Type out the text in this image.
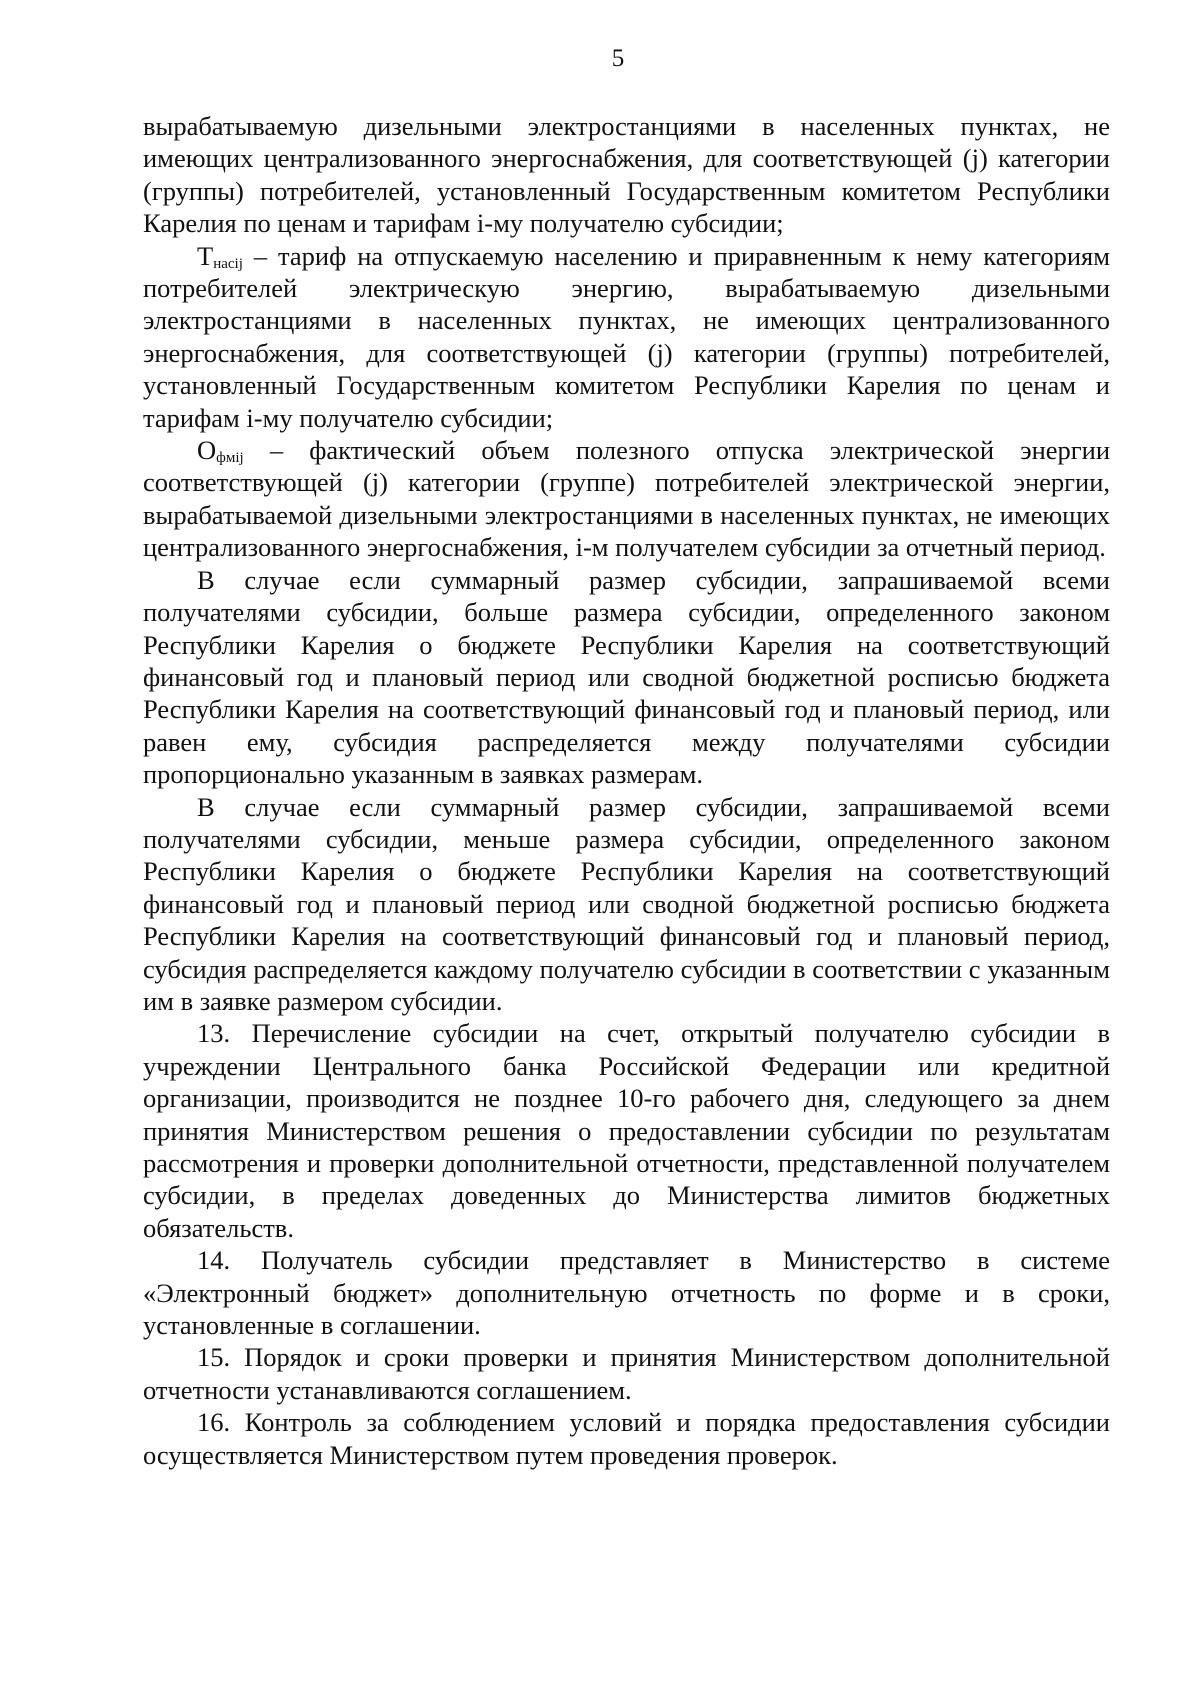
5

вырабатываемую дизельными электростанциями в населенных пунктах, не имеющих централизованного энергоснабжения, для соответствующей (j) категории (группы) потребителей, установленный Государственным комитетом Республики Карелия по ценам и тарифам i-му получателю субсидии;

$T_{насij}$ – тариф на отпускаемую населению и приравненным к нему категориям потребителей электрическую энергию, вырабатываемую дизельными электростанциями в населенных пунктах, не имеющих централизованного энергоснабжения, для соответствующей (j) категории (группы) потребителей, установленный Государственным комитетом Республики Карелия по ценам и тарифам i-му получателю субсидии;

$О_{фмij}$ – фактический объем полезного отпуска электрической энергии соответствующей (j) категории (группе) потребителей электрической энергии, вырабатываемой дизельными электростанциями в населенных пунктах, не имеющих централизованного энергоснабжения, i-м получателем субсидии за отчетный период.

В случае если суммарный размер субсидии, запрашиваемой всеми получателями субсидии, больше размера субсидии, определенного законом Республики Карелия о бюджете Республики Карелия на соответствующий финансовый год и плановый период или сводной бюджетной росписью бюджета Республики Карелия на соответствующий финансовый год и плановый период, или равен ему, субсидия распределяется между получателями субсидии пропорционально указанным в заявках размерам.

В случае если суммарный размер субсидии, запрашиваемой всеми получателями субсидии, меньше размера субсидии, определенного законом Республики Карелия о бюджете Республики Карелия на соответствующий финансовый год и плановый период или сводной бюджетной росписью бюджета Республики Карелия на соответствующий финансовый год и плановый период, субсидия распределяется каждому получателю субсидии в соответствии с указанным им в заявке размером субсидии.

13. Перечисление субсидии на счет, открытый получателю субсидии в учреждении Центрального банка Российской Федерации или кредитной организации, производится не позднее 10-го рабочего дня, следующего за днем принятия Министерством решения о предоставлении субсидии по результатам рассмотрения и проверки дополнительной отчетности, представленной получателем субсидии, в пределах доведенных до Министерства лимитов бюджетных обязательств.

14. Получатель субсидии представляет в Министерство в системе «Электронный бюджет» дополнительную отчетность по форме и в сроки, установленные в соглашении.

15. Порядок и сроки проверки и принятия Министерством дополнительной отчетности устанавливаются соглашением.

16. Контроль за соблюдением условий и порядка предоставления субсидии осуществляется Министерством путем проведения проверок.
